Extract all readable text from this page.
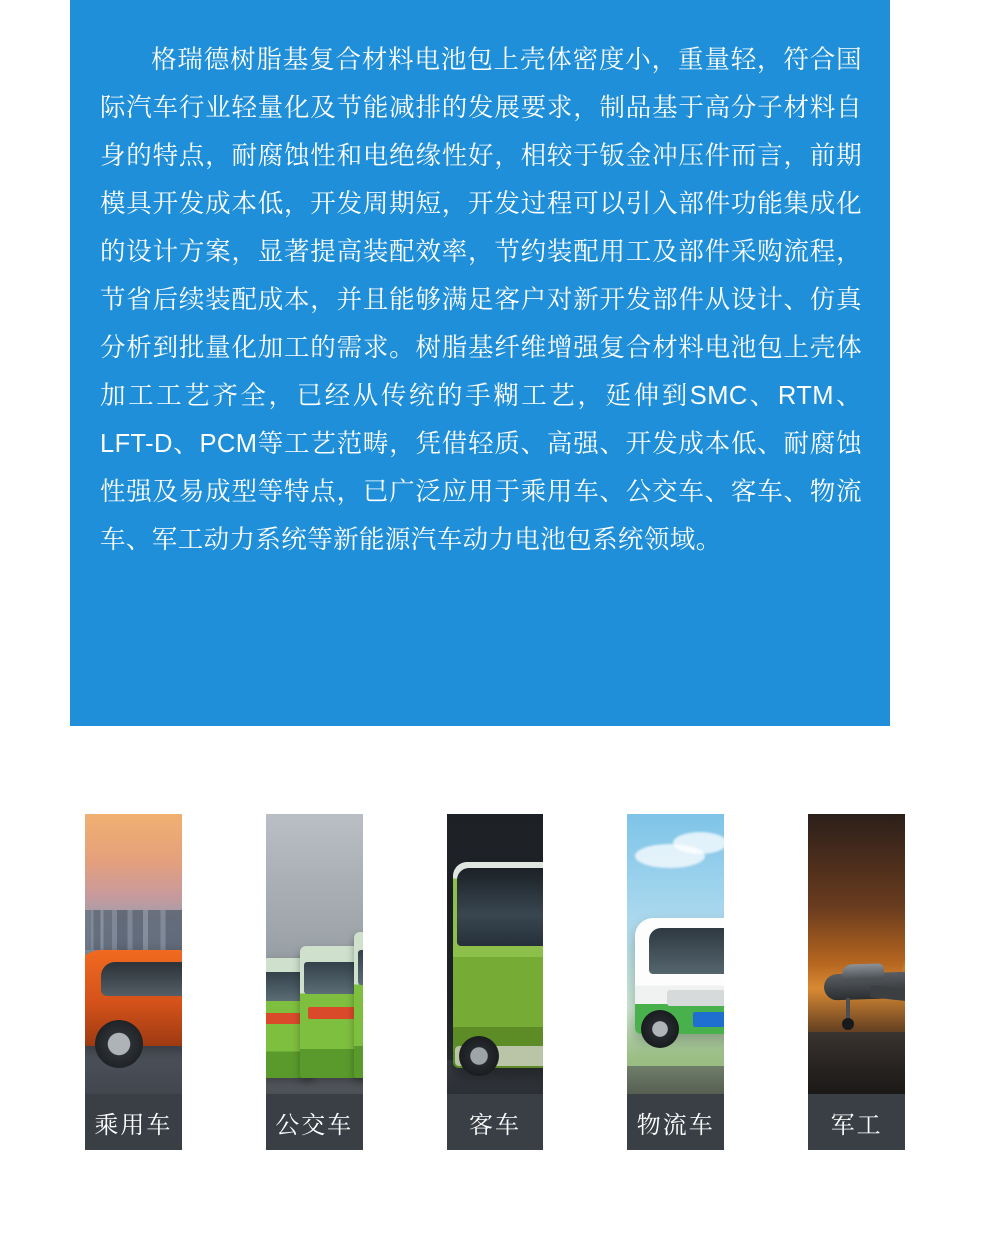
格瑞德树脂基复合材料电池包上壳体密度小，重量轻，符合国际汽车行业轻量化及节能减排的发展要求，制品基于高分子材料自身的特点，耐腐蚀性和电绝缘性好，相较于钣金冲压件而言，前期模具开发成本低，开发周期短，开发过程可以引入部件功能集成化的设计方案，显著提高装配效率，节约装配用工及部件采购流程，节省后续装配成本，并且能够满足客户对新开发部件从设计、仿真分析到批量化加工的需求。树脂基纤维增强复合材料电池包上壳体加工工艺齐全，已经从传统的手糊工艺，延伸到SMC、RTM、LFT-D、PCM等工艺范畴，凭借轻质、高强、开发成本低、耐腐蚀性强及易成型等特点，已广泛应用于乘用车、公交车、客车、物流车、军工动力系统等新能源汽车动力电池包系统领域。

乘用车	公交车	客车	物流车	军工
